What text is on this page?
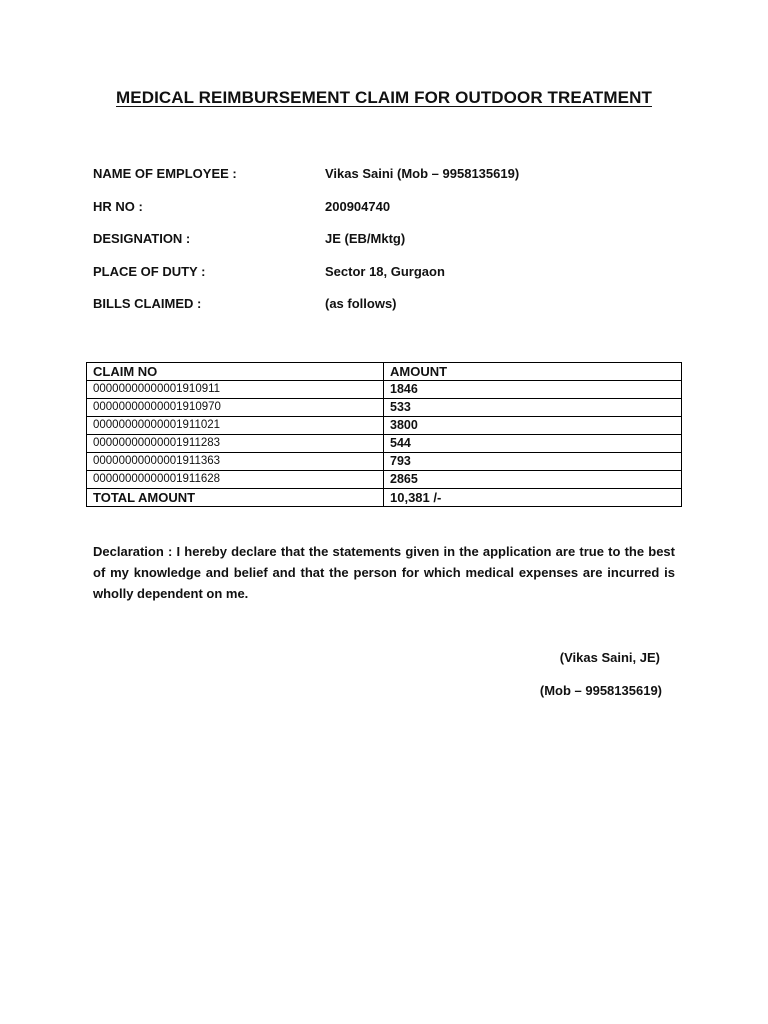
MEDICAL REIMBURSEMENT CLAIM FOR OUTDOOR TREATMENT
NAME OF EMPLOYEE :	Vikas Saini (Mob – 9958135619)
HR NO :	200904740
DESIGNATION :	JE (EB/Mktg)
PLACE OF DUTY :	Sector 18, Gurgaon
BILLS CLAIMED :	(as follows)
CLAIM NO	AMOUNT
00000000000001910911	1846
00000000000001910970	533
00000000000001911021	3800
00000000000001911283	544
00000000000001911363	793
00000000000001911628	2865
TOTAL AMOUNT	10,381 /-
Declaration : I hereby declare that the statements given in the application are true to the best of my knowledge and belief and that the person for which medical expenses are incurred is wholly dependent on me.
(Vikas Saini, JE)
(Mob – 9958135619)
